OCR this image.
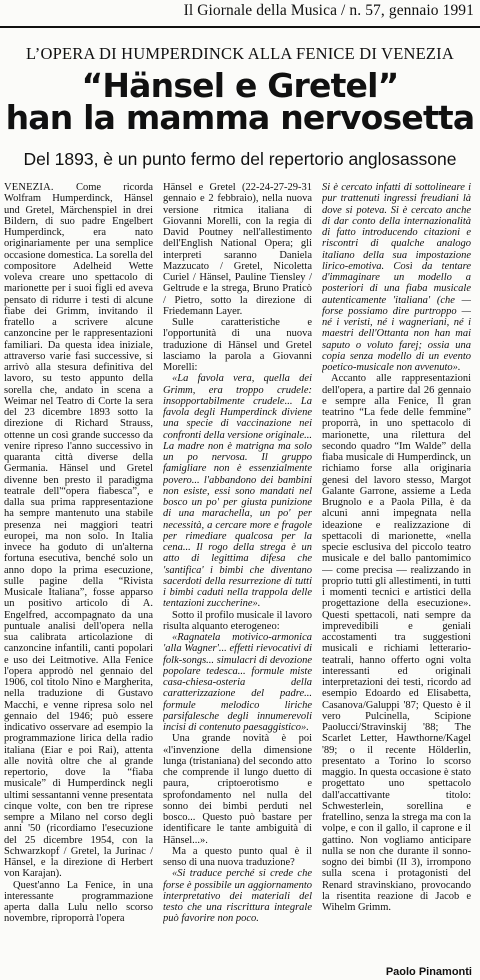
Il Giornale della Musica / n. 57, gennaio 1991
L’OPERA DI HUMPERDINCK ALLA FENICE DI VENEZIA
“Hänsel e Gretel”
han la mamma nervosetta
Del 1893, è un punto fermo del repertorio anglosassone

VENEZIA. Come ricorda Wolfram Humperdinck, Hänsel und Gretel, Märchenspiel in drei Bildern, di suo padre Engelbert Humperdinck, era nato originariamente per una semplice occasione domestica. La sorella del compositore Adelheid Wette voleva creare uno spettacolo di marionette per i suoi figli ed aveva pensato di ridurre i testi di alcune fiabe dei Grimm, invitando il fratello a scrivere alcune canzoncine per le rappresentazioni familiari. Da questa idea iniziale, attraverso varie fasi successive, si arrivò alla stesura definitiva del lavoro, su testo appunto della sorella che, andato in scena a Weimar nel Teatro di Corte la sera del 23 dicembre 1893 sotto la direzione di Richard Strauss, ottenne un così grande successo da venire ripreso l'anno successivo in quaranta città diverse della Germania. Hänsel und Gretel divenne ben presto il paradigma teatrale dell'“opera fiabesca”, e dalla sua prima rappresentazione ha sempre mantenuto una stabile presenza nei maggiori teatri europei, ma non solo. In Italia invece ha goduto di un'alterna fortuna esecutiva, benché solo un anno dopo la prima esecuzione, sulle pagine della “Rivista Musicale Italiana”, fosse apparso un positivo articolo di A. Engelfred, accompagnato da una puntuale analisi dell'opera nella sua calibrata articolazione di canzoncine infantili, canti popolari e uso dei Leitmotive. Alla Fenice l'opera approdò nel gennaio del 1906, col titolo Nino e Margherita, nella traduzione di Gustavo Macchi, e venne ripresa solo nel gennaio del 1946; può essere indicativo osservare ad esempio la programmazione lirica della radio italiana (Eiar e poi Rai), attenta alle novità oltre che al grande repertorio, dove la “fiaba musicale” di Humperdinck negli ultimi sessantanni venne presentata cinque volte, con ben tre riprese sempre a Milano nel corso degli anni '50 (ricordiamo l'esecuzione del 25 dicembre 1954, con la Schwarzkopf / Gretel, la Jurinac / Hänsel, e la direzione di Herbert von Karajan).

Quest'anno La Fenice, in una interessante programmazione aperta dalla Lulu nello scorso novembre, riproporrà l'opera

Hänsel e Gretel (22-24-27-29-31 gennaio e 2 febbraio), nella nuova versione ritmica italiana di Giovanni Morelli, con la regia di David Poutney nell'allestimento dell'English National Opera; gli interpreti saranno Daniela Mazzucato / Gretel, Nicoletta Curiel / Hänsel, Pauline Tiensley / Geltrude e la strega, Bruno Praticò / Pietro, sotto la direzione di Friedemann Layer.

Sulle caratteristiche e l'opportunità di una nuova traduzione di Hänsel und Gretel lasciamo la parola a Giovanni Morelli:

«La favola vera, quella dei Grimm, era troppo crudele: insopportabilmente crudele... La favola degli Humperdinck diviene una specie di vaccinazione nei confronti della versione originale... La madre non è matrigna ma solo un po nervosa. Il gruppo famigliare non è essenzialmente povero... l'abbandono dei bambini non esiste, essi sono mandati nel bosco un po' per giusta punizione di una marachella, un po' per necessità, a cercare more e fragole per rimediare qualcosa per la cena... Il rogo della strega è un atto di legittima difesa che 'santifica' i bimbi che diventano sacerdoti della resurrezione di tutti i bimbi caduti nella trappola delle tentazioni zuccherine».

Sotto il profilo musicale il lavoro risulta alquanto eterogeneo:

«Ragnatela motivico-armonica 'alla Wagner'... effetti rievocativi di folk-songs... simulacri di devozione popolare tedesca... formule miste casa-chiesa-osteria della caratterizzazione del padre... formule melodico liriche parsifalesche degli innumerevoli incisi di contenuto paesaggistico».

Una grande novità è poi «l'invenzione della dimensione lunga (tristaniana) del secondo atto che comprende il lungo duetto di paura, criptoerotismo e sprofondamento nel nulla del sonno dei bimbi perduti nel bosco... Questo può bastare per identificare le tante ambiguità di Hänsel...».

Ma a questo punto qual è il senso di una nuova traduzione?

«Si traduce perché si crede che forse è possibile un aggiornamento interpretativo dei materiali del testo che una riscrittura integrale può favorire non poco.

Si è cercato infatti di sottolineare i pur trattenuti ingressi freudiani là dove si poteva. Si è cercato anche di dar conto della internazionalità di fatto introducendo citazioni e riscontri di qualche analogo italiano della sua impostazione lirico-emotiva. Così da tentare d'immaginare un modello a posteriori di una fiaba musicale autenticamente 'italiana' (che — forse possiamo dire purtroppo — né i veristi, né i wagneriani, né i maestri dell'Ottanta non han mai saputo o voluto farej; ossia una copia senza modello di un evento poetico-musicale non avvenuto».

Accanto alle rappresentazioni dell'opera, a partire dal 26 gennaio e sempre alla Fenice, Il gran teatrino “La fede delle femmine” proporrà, in uno spettacolo di marionette, una rilettura del secondo quadro “Im Walde” della fiaba musicale di Humperdinck, un richiamo forse alla originaria genesi del lavoro stesso, Margot Galante Garrone, assieme a Leda Brugnolo e a Paola Pilla, è da alcuni anni impegnata nella ideazione e realizzazione di spettacoli di marionette, «nella specie esclusiva del piccolo teatro musicale e del ballo pantomimico — come precisa — realizzando in proprio tutti gli allestimenti, in tutti i momenti tecnici e artistici della progettazione della esecuzione». Questi spettacoli, nati sempre da imprevedibili e geniali accostamenti tra suggestioni musicali e richiami letterario-teatrali, hanno offerto ogni volta interessanti ed originali interpretazioni dei testi, ricordo ad esempio Edoardo ed Elisabetta, Casanova/Galuppi '87; Questo è il vero Pulcinella, Scipione Paolucci/Stravinskij '88; The Scarlet Letter, Hawthorne/Kagel '89; o il recente Hölderlin, presentato a Torino lo scorso maggio. In questa occasione è stato progettato uno spettacolo dall'accattivante titolo: Schwesterlein, sorellina e fratellino, senza la strega ma con la volpe, e con il gallo, il caprone e il gattino. Non vogliamo anticipare nulla se non che durante il sonno-sogno dei bimbi (II 3), irrompono sulla scena i protagonisti del Renard stravinskiano, provocando la risentita reazione di Jacob e Wihelm Grimm.

Paolo Pinamonti
